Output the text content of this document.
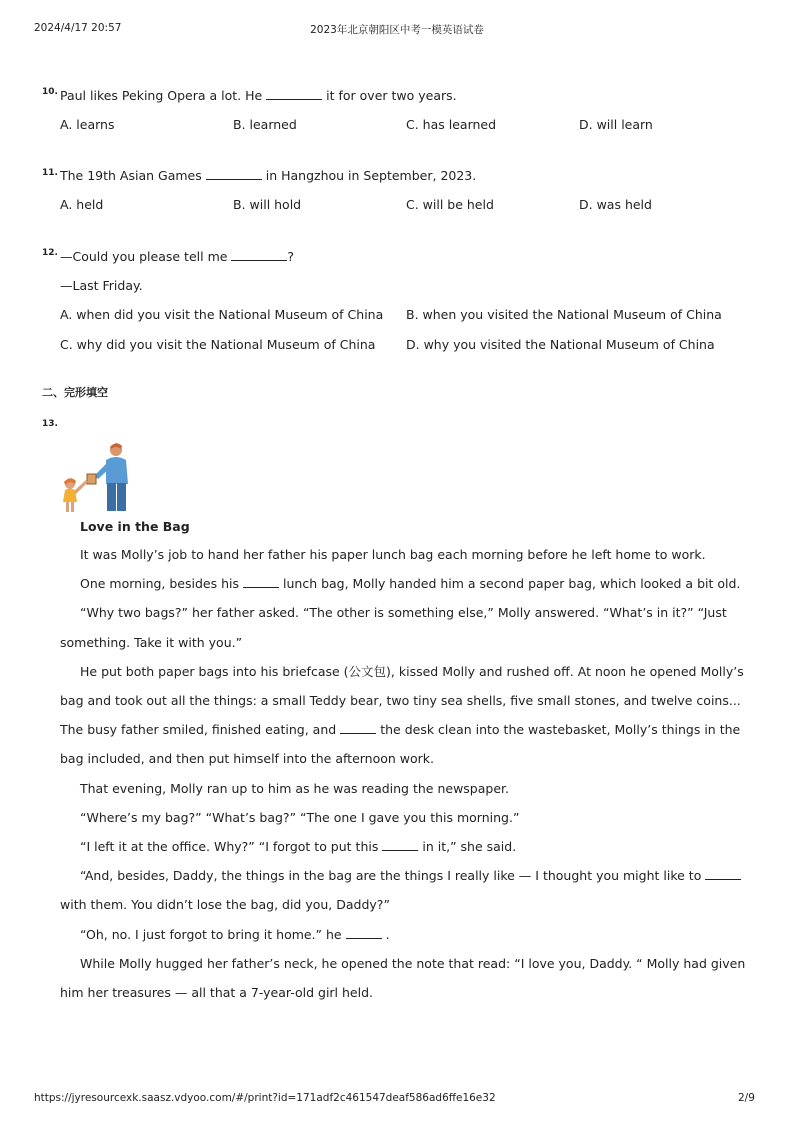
2024/4/17 20:57	2023年北京朝阳区中考一模英语试卷
10. Paul likes Peking Opera a lot. He	it for over two years.
A. learns	B. learned	C. has learned	D. will learn
11. The 19th Asian Games	in Hangzhou in September, 2023.
A. held	B. will hold	C. will be held	D. was held
12. —Could you please tell me	?
—Last Friday.
A. when did you visit the National Museum of China B. when you visited the National Museum of China
C. why did you visit the National Museum of China D. why you visited the National Museum of China
二、完形填空
13.
Love in the Bag
It was Molly’s job to hand her father his paper lunch bag each morning before he left home to work.
One morning, besides his	lunch bag, Molly handed him a second paper bag, which looked a bit old.
“Why two bags?” her father asked. “The other is something else,” Molly answered. “What’s in it?” “Just something. Take it with you.”
He put both paper bags into his briefcase (公文包), kissed Molly and rushed off. At noon he opened Molly’s bag and took out all the things: a small Teddy bear, two tiny sea shells, five small stones, and twelve coins... The busy father smiled, finished eating, and	the desk clean into the wastebasket, Molly’s things in the bag included, and then put himself into the afternoon work.
That evening, Molly ran up to him as he was reading the newspaper.
“Where’s my bag?” “What’s bag?” “The one I gave you this morning.”
“I left it at the office. Why?” “I forgot to put this	in it,” she said.
“And, besides, Daddy, the things in the bag are the things I really like — I thought you might like towith them. You didn’t lose the bag, did you, Daddy?”
“Oh, no. I just forgot to bring it home.” he	.
While Molly hugged her father’s neck, he opened the note that read: “I love you, Daddy. “ Molly had given him her treasures — all that a 7-year-old girl held.
https://jyresourcexk.saasz.vdyoo.com/#/print?id=171adf2c461547deaf586ad6ffe16e32	2/9
